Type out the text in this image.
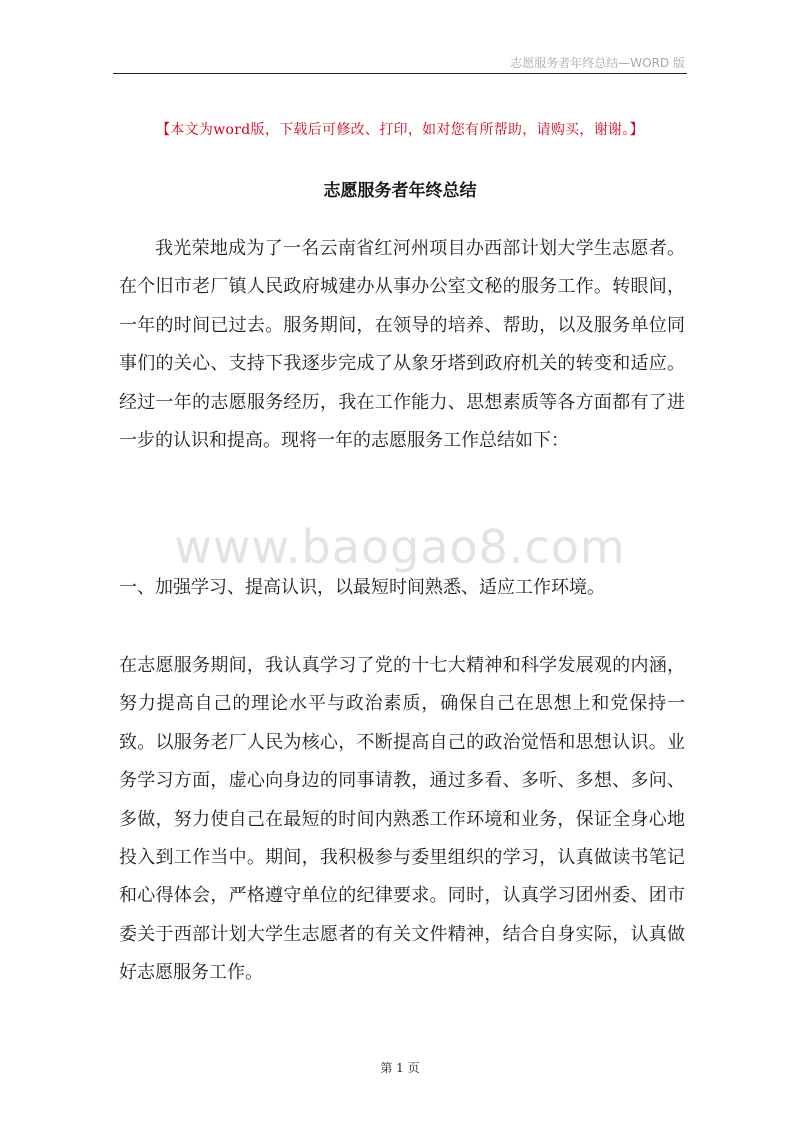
志愿服务者年终总结—WORD 版
【本文为word版，下载后可修改、打印，如对您有所帮助，请购买，谢谢。】
志愿服务者年终总结

我光荣地成为了一名云南省红河州项目办西部计划大学生志愿者。在个旧市老厂镇人民政府城建办从事办公室文秘的服务工作。转眼间，一年的时间已过去。服务期间，在领导的培养、帮助，以及服务单位同事们的关心、支持下我逐步完成了从象牙塔到政府机关的转变和适应。经过一年的志愿服务经历，我在工作能力、思想素质等各方面都有了进一步的认识和提高。现将一年的志愿服务工作总结如下：

一、加强学习、提高认识，以最短时间熟悉、适应工作环境。

在志愿服务期间，我认真学习了党的十七大精神和科学发展观的内涵，努力提高自己的理论水平与政治素质，确保自己在思想上和党保持一致。以服务老厂人民为核心，不断提高自己的政治觉悟和思想认识。业务学习方面，虚心向身边的同事请教，通过多看、多听、多想、多问、多做，努力使自己在最短的时间内熟悉工作环境和业务，保证全身心地投入到工作当中。期间，我积极参与委里组织的学习，认真做读书笔记和心得体会，严格遵守单位的纪律要求。同时，认真学习团州委、团市委关于西部计划大学生志愿者的有关文件精神，结合自身实际，认真做好志愿服务工作。

www.baogao8.com
第 1 页
